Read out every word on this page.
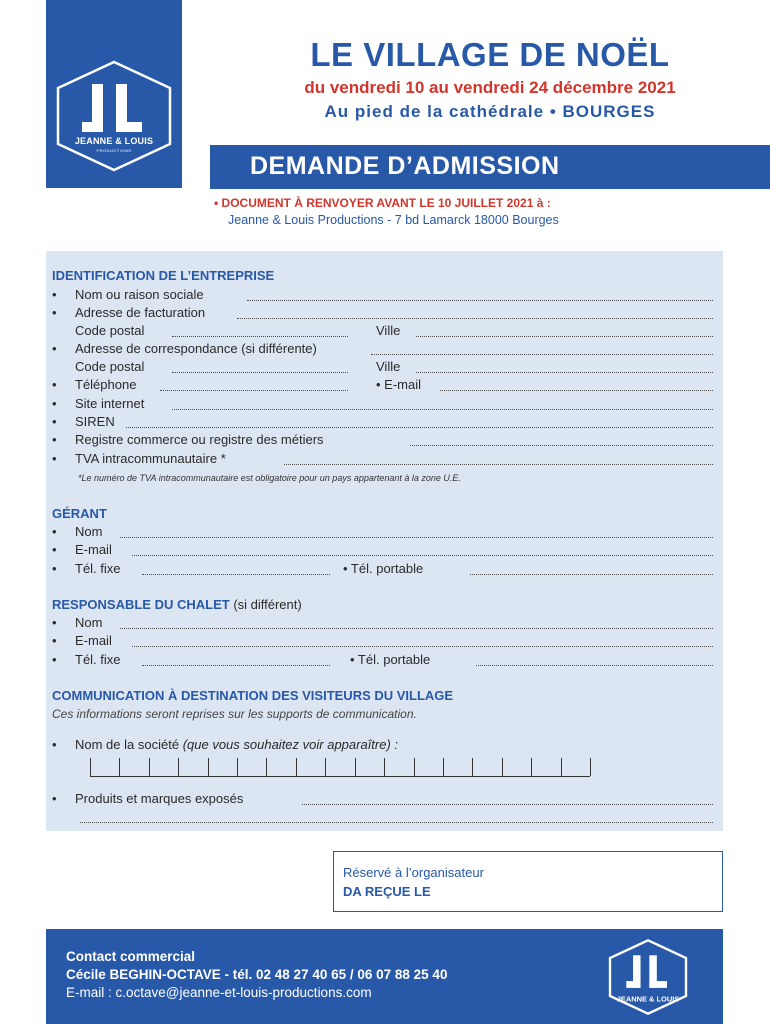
JEANNE & LOUIS
PRODUCTIONS
LE VILLAGE DE NOËL
du vendredi 10 au vendredi 24 décembre 2021
Au pied de la cathédrale • BOURGES
DEMANDE D’ADMISSION
• DOCUMENT À RENVOYER AVANT LE 10 JUILLET 2021 à :
Jeanne & Louis Productions - 7 bd Lamarck 18000 Bourges
IDENTIFICATION DE L’ENTREPRISE
• Nom ou raison sociale
• Adresse de facturation
Code postal	Ville
• Adresse de correspondance (si différente)
Code postal	Ville
• Téléphone	• E-mail
• Site internet
• SIREN
• Registre commerce ou registre des métiers
• TVA intracommunautaire *
*Le numéro de TVA intracommunautaire est obligatoire pour un pays appartenant à la zone U.E.
GÉRANT
• Nom
• E-mail
• Tél. fixe	• Tél. portable
RESPONSABLE DU CHALET (si différent)
• Nom
• E-mail
• Tél. fixe	• Tél. portable
COMMUNICATION À DESTINATION DES VISITEURS DU VILLAGE
Ces informations seront reprises sur les supports de communication.
• Nom de la société (que vous souhaitez voir apparaître) :
• Produits et marques exposés
Réservé à l’organisateur
DA REÇUE LE
Contact commercial
Cécile BEGHIN-OCTAVE - tél. 02 48 27 40 65 / 06 07 88 25 40
E-mail : c.octave@jeanne-et-louis-productions.com	JEANNE & LOUIS
